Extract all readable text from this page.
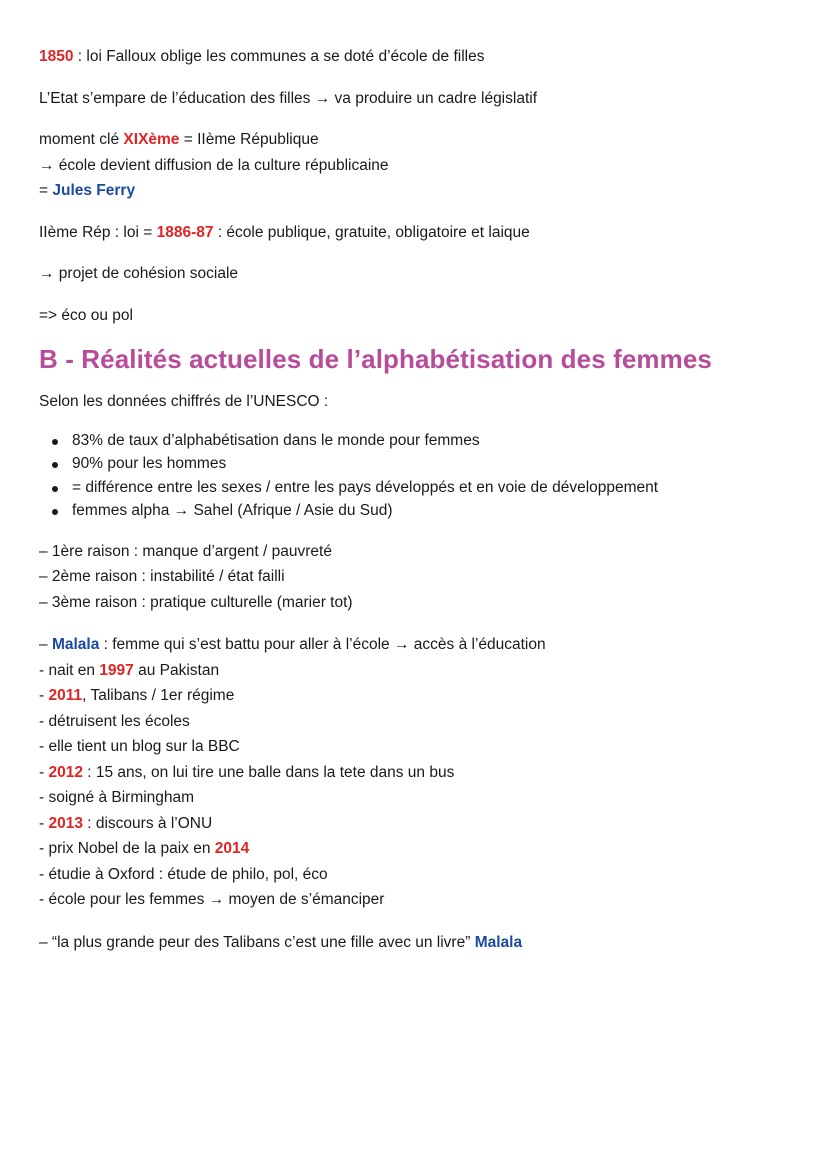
1850 : loi Falloux oblige les communes a se doté d’école de filles

L’Etat s’empare de l’éducation des filles → va produire un cadre législatif

moment clé XIXème = IIème République

→ école devient diffusion de la culture républicaine

= Jules Ferry

IIème Rép : loi = 1886-87 : école publique, gratuite, obligatoire et laique

→ projet de cohésion sociale

=> éco ou pol

B - Réalités actuelles de l’alphabétisation des femmes

Selon les données chiffrés de l’UNESCO :

83% de taux d’alphabétisation dans le monde pour femmes
90% pour les hommes
= différence entre les sexes / entre les pays développés et en voie de développement
femmes alpha → Sahel (Afrique / Asie du Sud)

– 1ère raison : manque d’argent / pauvreté

– 2ème raison : instabilité / état failli

– 3ème raison : pratique culturelle (marier tot)

– Malala : femme qui s’est battu pour aller à l’école → accès à l’éducation

- nait en 1997 au Pakistan

- 2011, Talibans / 1er régime

- détruisent les écoles

- elle tient un blog sur la BBC

- 2012 : 15 ans, on lui tire une balle dans la tete dans un bus

- soigné à Birmingham

- 2013 : discours à l’ONU

- prix Nobel de la paix en 2014

- étudie à Oxford : étude de philo, pol, éco

- école pour les femmes → moyen de s’émanciper

– “la plus grande peur des Talibans c’est une fille avec un livre” Malala
